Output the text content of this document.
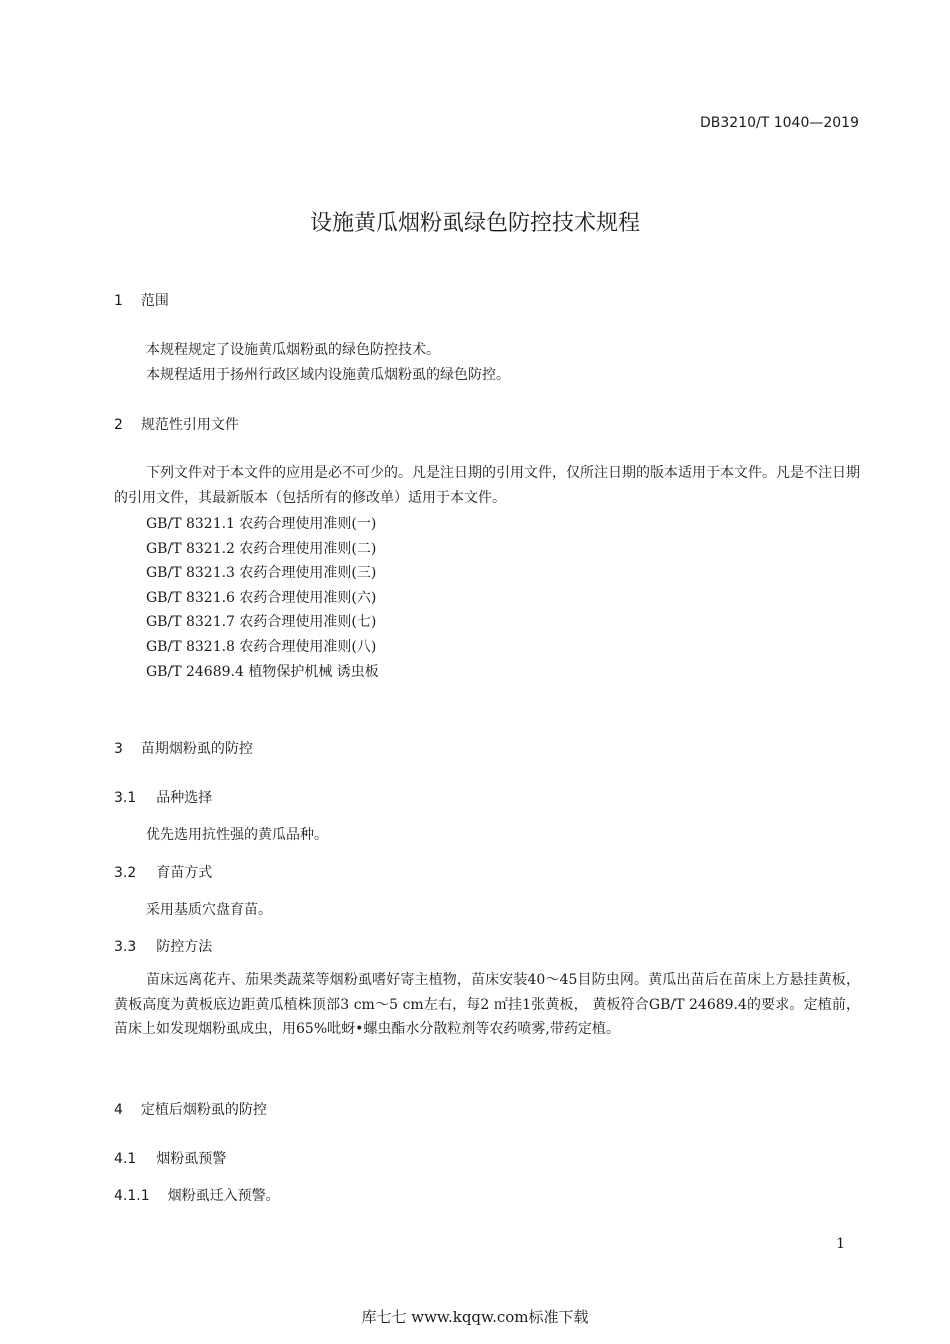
DB3210/T 1040—2019
设施黄瓜烟粉虱绿色防控技术规程
1 范围
本规程规定了设施黄瓜烟粉虱的绿色防控技术。
本规程适用于扬州行政区域内设施黄瓜烟粉虱的绿色防控。
2 规范性引用文件
下列文件对于本文件的应用是必不可少的。凡是注日期的引用文件，仅所注日期的版本适用于本文件。凡是不注日期的引用文件，其最新版本（包括所有的修改单）适用于本文件。
GB/T 8321.1 农药合理使用准则(一)
GB/T 8321.2 农药合理使用准则(二)
GB/T 8321.3 农药合理使用准则(三)
GB/T 8321.6 农药合理使用准则(六)
GB/T 8321.7 农药合理使用准则(七)
GB/T 8321.8 农药合理使用准则(八)
GB/T 24689.4 植物保护机械 诱虫板
3 苗期烟粉虱的防控
3.1 品种选择
优先选用抗性强的黄瓜品种。
3.2 育苗方式
采用基质穴盘育苗。
3.3 防控方法
苗床远离花卉、茄果类蔬菜等烟粉虱嗜好寄主植物，苗床安装40～45目防虫网。黄瓜出苗后在苗床上方悬挂黄板，黄板高度为黄板底边距黄瓜植株顶部3 cm～5 cm左右，每2 ㎡挂1张黄板， 黄板符合GB/T 24689.4的要求。定植前，苗床上如发现烟粉虱成虫，用65%吡蚜•螺虫酯水分散粒剂等农药喷雾,带药定植。
4 定植后烟粉虱的防控
4.1 烟粉虱预警
4.1.1 烟粉虱迁入预警。
1
库七七 www.kqqw.com标准下载
